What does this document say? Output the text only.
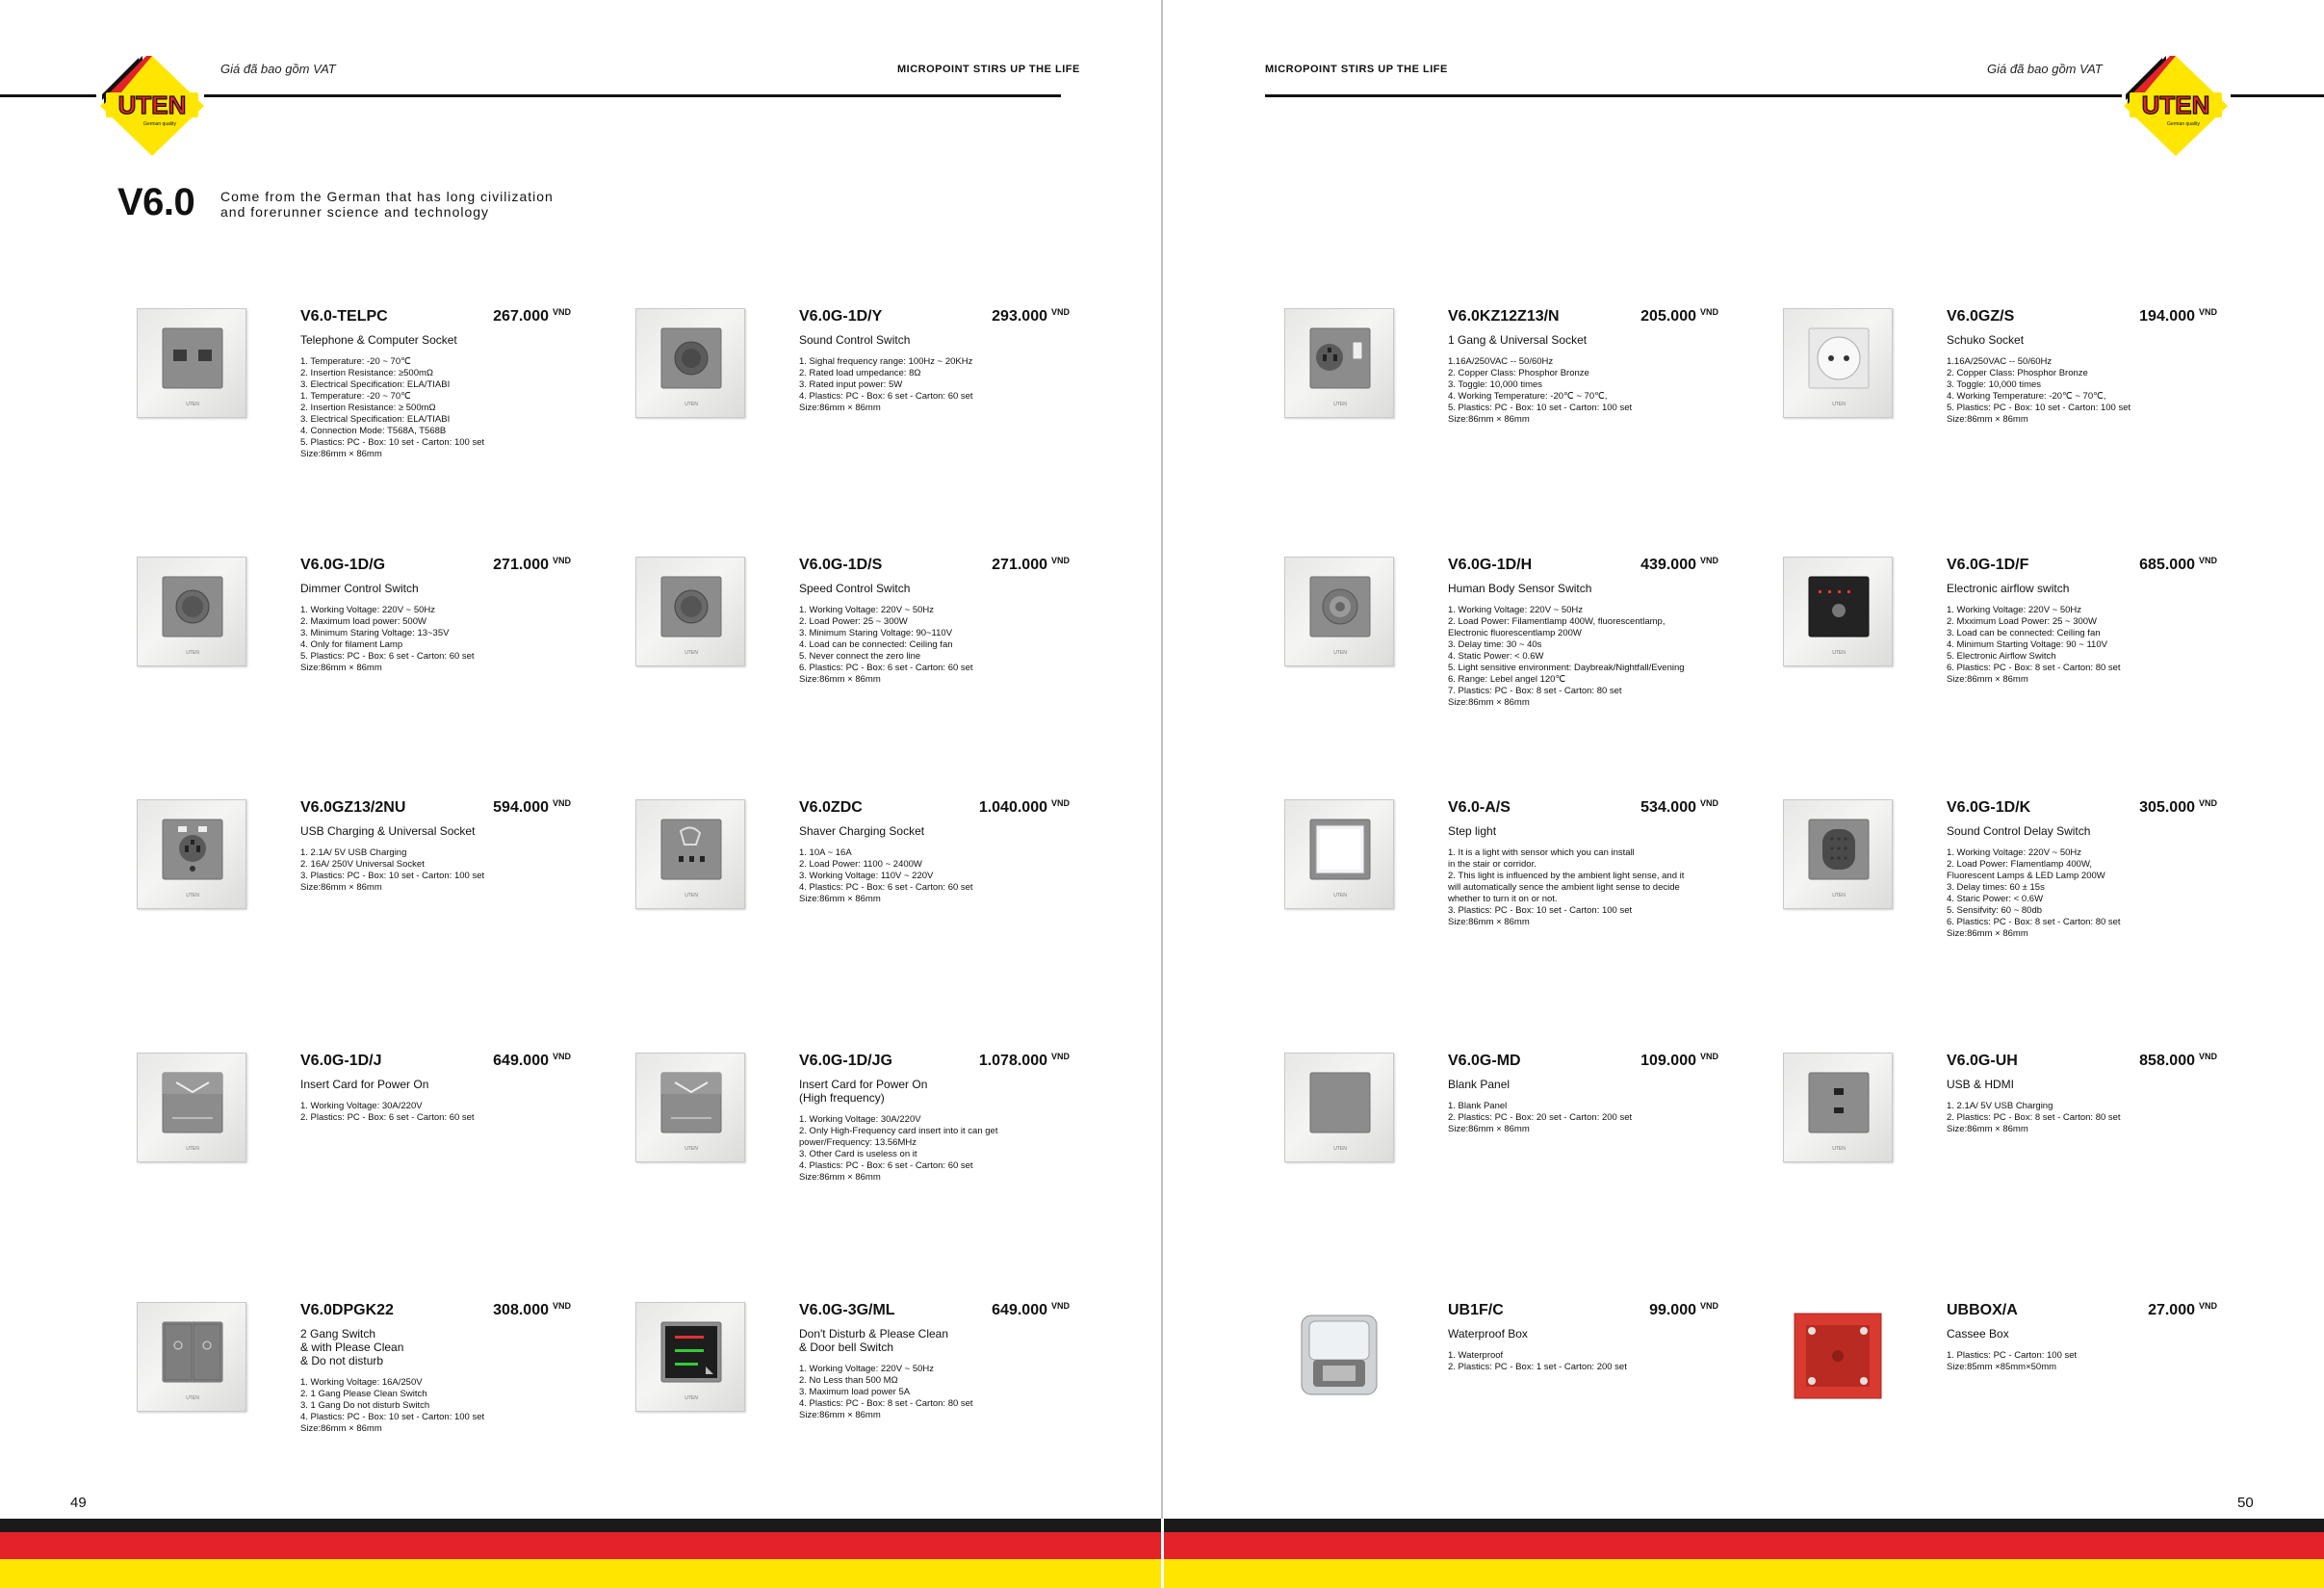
UTEN
German quality
Giá đã bao gồm VAT	MICROPOINT STIRS UP THE LIFE
V6.0 Come from the German that has long civilization
and forerunner science and technology
UTEN
V6.0-TELPC	267.000 VND
Telephone & Computer Socket
1. Temperature: -20 ~ 70℃
2. Insertion Resistance: ≥500mΩ
3. Electrical Specification: ELA/TIABI
1. Temperature: -20 ~ 70℃
2. Insertion Resistance: ≥ 500mΩ
3. Electrical Specification: ELA/TIABI
4. Connection Mode: T568A, T568B
5. Plastics: PC - Box: 10 set - Carton: 100 set
Size:86mm × 86mm
UTEN
V6.0G-1D/Y	293.000 VND
Sound Control Switch
1. Sighal frequency range: 100Hz ~ 20KHz
2. Rated load umpedance: 8Ω
3. Rated input power: 5W
4. Plastics: PC - Box: 6 set - Carton: 60 set
Size:86mm × 86mm
UTEN
V6.0G-1D/G	271.000 VND
Dimmer Control Switch
1. Working Voltage: 220V ~ 50Hz
2. Maximum load power: 500W
3. Minimum Staring Voltage: 13~35V
4. Only for filament Lamp
5. Plastics: PC - Box: 6 set - Carton: 60 set
Size:86mm × 86mm
UTEN
V6.0G-1D/S	271.000 VND
Speed Control Switch
1. Working Voltage: 220V ~ 50Hz
2. Load Power: 25 ~ 300W
3. Minimum Staring Voltage: 90~110V
4. Load can be connected: Ceiling fan
5. Never connect the zero line
6. Plastics: PC - Box: 6 set - Carton: 60 set
Size:86mm × 86mm
UTEN
V6.0GZ13/2NU	594.000 VND
USB Charging & Universal Socket
1. 2.1A/ 5V USB Charging
2. 16A/ 250V Universal Socket
3. Plastics: PC - Box: 10 set - Carton: 100 set
Size:86mm × 86mm
UTEN
V6.0ZDC	1.040.000 VND
Shaver Charging Socket
1. 10A ~ 16A
2. Load Power: 1100 ~ 2400W
3. Working Voltage: 110V ~ 220V
4. Plastics: PC - Box: 6 set - Carton: 60 set
Size:86mm × 86mm
UTEN
V6.0G-1D/J	649.000 VND
Insert Card for Power On
1. Working Voltage: 30A/220V
2. Plastics: PC - Box: 6 set - Carton: 60 set
UTEN
V6.0G-1D/JG	1.078.000 VND
Insert Card for Power On
(High frequency)
1. Working Voltage: 30A/220V
2. Only High-Frequency card insert into it can get
power/Frequency: 13.56MHz
3. Other Card is useless on it
4. Plastics: PC - Box: 6 set - Carton: 60 set
Size:86mm × 86mm
UTEN
V6.0DPGK22	308.000 VND
2 Gang Switch
& with Please Clean
& Do not disturb
1. Working Voltage: 16A/250V
2. 1 Gang Please Clean Switch
3. 1 Gang Do not disturb Switch
4. Plastics: PC - Box: 10 set - Carton: 100 set
Size:86mm × 86mm
UTEN
V6.0G-3G/ML	649.000 VND
Don't Disturb & Please Clean
& Door bell Switch
1. Working Voltage: 220V ~ 50Hz
2. No Less than 500 MΩ
3. Maximum load power 5A
4. Plastics: PC - Box: 8 set - Carton: 80 set
Size:86mm × 86mm
49
MICROPOINT STIRS UP THE LIFE	Giá đã bao gồm VAT
UTEN
German quality
UTEN
V6.0KZ12Z13/N	205.000 VND
1 Gang & Universal Socket
1.16A/250VAC -- 50/60Hz
2. Copper Class: Phosphor Bronze
3. Toggle: 10,000 times
4. Working Temperature: -20℃ ~ 70℃,
5. Plastics: PC - Box: 10 set - Carton: 100 set
Size:86mm × 86mm
UTEN
V6.0GZ/S	194.000 VND
Schuko Socket
1.16A/250VAC -- 50/60Hz
2. Copper Class: Phosphor Bronze
3. Toggle: 10,000 times
4. Working Temperature: -20℃ ~ 70℃,
5. Plastics: PC - Box: 10 set - Carton: 100 set
Size:86mm × 86mm
UTEN
V6.0G-1D/H	439.000 VND
Human Body Sensor Switch
1. Working Voltage: 220V ~ 50Hz
2. Load Power: Filamentlamp 400W, fluorescentlamp,
Electronic fluorescentlamp 200W
3. Delay time: 30 ~ 40s
4. Static Power: < 0.6W
5. Light sensitive environment: Daybreak/Nightfall/Evening
6. Range: Lebel angel 120℃
7. Plastics: PC - Box: 8 set - Carton: 80 set
Size:86mm × 86mm
UTEN
V6.0G-1D/F	685.000 VND
Electronic airflow switch
1. Working Voltage: 220V ~ 50Hz
2. Mxximum Load Power: 25 ~ 300W
3. Load can be connected: Ceiling fan
4. Minimum Starting Voltage: 90 ~ 110V
5. Electronic Airflow Switch
6. Plastics: PC - Box: 8 set - Carton: 80 set
Size:86mm × 86mm
UTEN
V6.0-A/S	534.000 VND
Step light
1. It is a light with sensor which you can install
in the stair or corridor.
2. This light is influenced by the ambient light sense, and it
will automatically sence the ambient light sense to decide
whether to turn it on or not.
3. Plastics: PC - Box: 10 set - Carton: 100 set
Size:86mm × 86mm
UTEN
V6.0G-1D/K	305.000 VND
Sound Control Delay Switch
1. Working Voltage: 220V ~ 50Hz
2. Load Power: Flamentlamp 400W,
Fluorescent Lamps & LED Lamp 200W
3. Delay times: 60 ± 15s
4. Staric Power: < 0.6W
5. Sensifvity: 60 ~ 80db
6. Plastics: PC - Box: 8 set - Carton: 80 set
Size:86mm × 86mm
UTEN
V6.0G-MD	109.000 VND
Blank Panel
1. Blank Panel
2. Plastics: PC - Box: 20 set - Carton: 200 set
Size:86mm × 86mm
UTEN
V6.0G-UH	858.000 VND
USB & HDMI
1. 2.1A/ 5V USB Charging
2. Plastics: PC - Box: 8 set - Carton: 80 set
Size:86mm × 86mm
UB1F/C	99.000 VND
Waterproof Box
1. Waterproof
2. Plastics: PC - Box: 1 set - Carton: 200 set
UBBOX/A	27.000 VND
Cassee Box
1. Plastics: PC - Carton: 100 set
Size:85mm ×85mm×50mm
50
